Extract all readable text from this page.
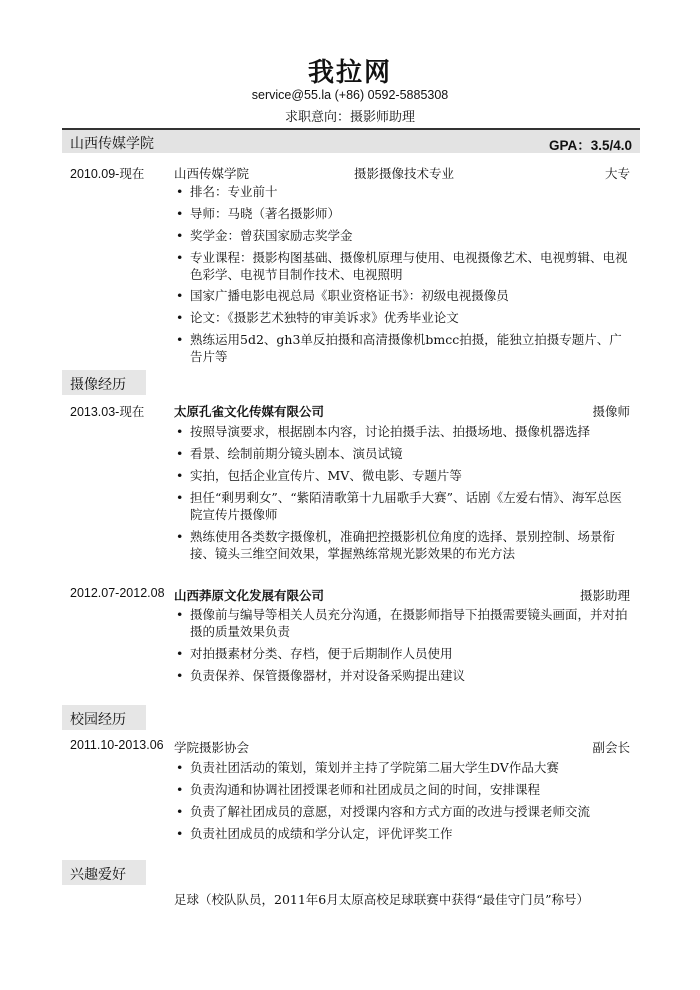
我拉网
service@55.la (+86) 0592-5885308
求职意向：摄影师助理
山西传媒学院	GPA：3.5/4.0
2010.09-现在 山西传媒学院	摄影摄像技术专业	大专
• 排名：专业前十
• 导师：马晓（著名摄影师）
• 奖学金：曾获国家励志奖学金
• 专业课程：摄影构图基础、摄像机原理与使用、电视摄像艺术、电视剪辑、电视色彩学、电视节目制作技术、电视照明
• 国家广播电影电视总局《职业资格证书》：初级电视摄像员
• 论文：《摄影艺术独特的审美诉求》优秀毕业论文
• 熟练运用5d2、gh3单反拍摄和高清摄像机bmcc拍摄，能独立拍摄专题片、广告片等
摄像经历
2013.03-现在 太原孔雀文化传媒有限公司	摄像师
• 按照导演要求，根据剧本内容，讨论拍摄手法、拍摄场地、摄像机器选择
• 看景、绘制前期分镜头剧本、演员试镜
• 实拍，包括企业宣传片、MV、微电影、专题片等
• 担任“剩男剩女”、“紫陌清歌第十九届歌手大赛”、话剧《左爱右情》、海军总医院宣传片摄像师
• 熟练使用各类数字摄像机，准确把控摄影机位角度的选择、景别控制、场景衔接、镜头三维空间效果，掌握熟练常规光影效果的布光方法
2012.07-2012.08 山西莽原文化发展有限公司	摄影助理
• 摄像前与编导等相关人员充分沟通，在摄影师指导下拍摄需要镜头画面，并对拍摄的质量效果负责
• 对拍摄素材分类、存档，便于后期制作人员使用
• 负责保养、保管摄像器材，并对设备采购提出建议
校园经历
2011.10-2013.06 学院摄影协会	副会长
• 负责社团活动的策划，策划并主持了学院第二届大学生DV作品大赛
• 负责沟通和协调社团授课老师和社团成员之间的时间，安排课程
• 负责了解社团成员的意愿，对授课内容和方式方面的改进与授课老师交流
• 负责社团成员的成绩和学分认定，评优评奖工作
兴趣爱好
足球（校队队员，2011年6月太原高校足球联赛中获得“最佳守门员”称号）
